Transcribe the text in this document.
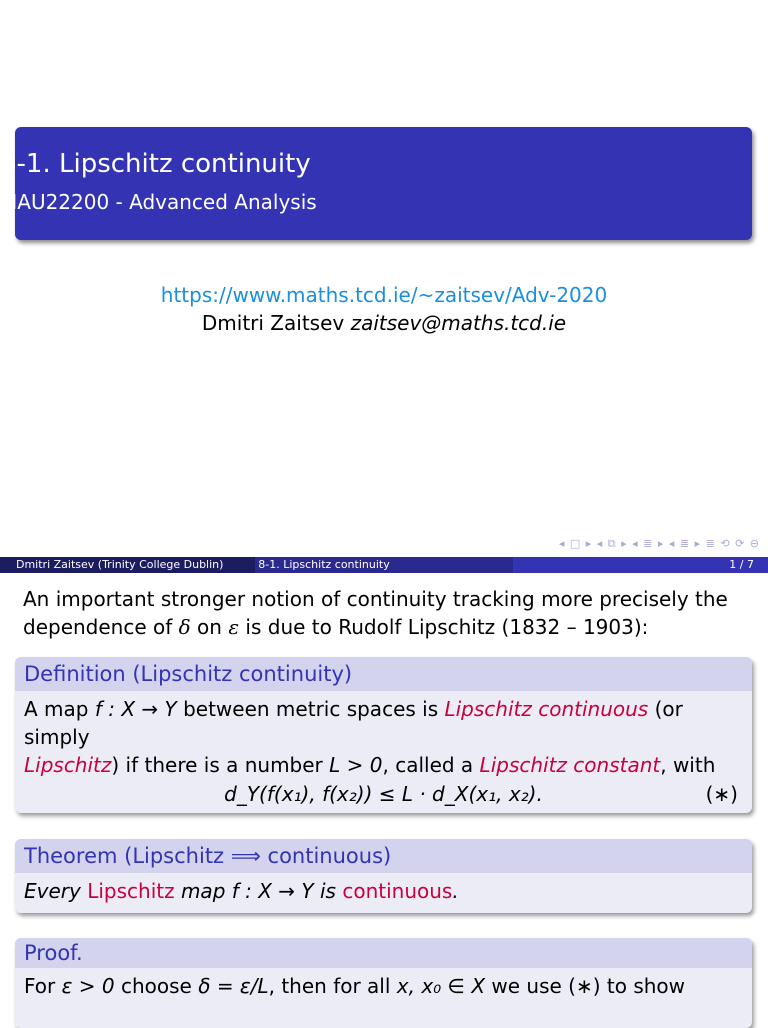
8-1. Lipschitz continuity
MAU22200 - Advanced Analysis
https://www.maths.tcd.ie/~zaitsev/Adv-2020
Dmitri Zaitsev zaitsev@maths.tcd.ie
◂ □ ▸ ◂ ⧉ ▸ ◂ ≣ ▸ ◂ ≣ ▸ ≣ ⟲ ⟳ ⊖
Dmitri Zaitsev (Trinity College Dublin)	8-1. Lipschitz continuity	1 / 7
An important stronger notion of continuity tracking more precisely the
dependence of δ on ε is due to Rudolf Lipschitz (1832 – 1903):
Definition (Lipschitz continuity)
A map f : X → Y between metric spaces is Lipschitz continuous (or simply
Lipschitz) if there is a number L > 0, called a Lipschitz constant, with
d_Y(f(x₁), f(x₂)) ≤ L · d_X(x₁, x₂).	(∗)
Theorem (Lipschitz ⟹ continuous)
Every Lipschitz map f : X → Y is continuous.
Proof.
For ε > 0 choose δ = ε/L, then for all x, x₀ ∈ X we use (∗) to show
